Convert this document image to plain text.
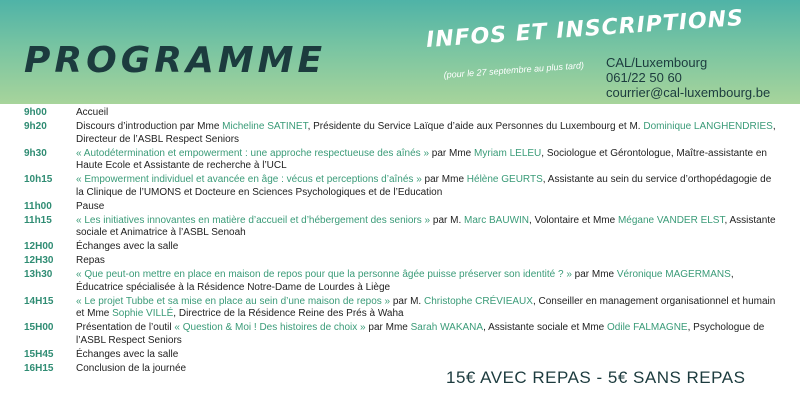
PROGRAMME
INFOS ET INSCRIPTIONS
(pour le 27 septembre au plus tard) CAL/Luxembourg
061/22 50 60
courrier@cal-luxembourg.be
9h00	Accueil
9h20	Discours d’introduction par Mme Micheline SATINET, Présidente du Service Laïque d’aide aux Personnes du Luxembourg et M. Dominique LANGHENDRIES, Directeur de l’ASBL Respect Seniors
9h30	« Autodétermination et empowerment : une approche respectueuse des aînés » par Mme Myriam LELEU, Sociologue et Gérontologue, Maître-assistante en Haute Ecole et Assistante de recherche à l’UCL
10h15	« Empowerment individuel et avancée en âge : vécus et perceptions d’aînés » par Mme Hélène GEURTS, Assistante au sein du service d’orthopédagogie de la Clinique de l’UMONS et Docteure en Sciences Psychologiques et de l’Education
11h00	Pause
11h15	« Les initiatives innovantes en matière d’accueil et d’hébergement des seniors » par M. Marc BAUWIN, Volontaire et Mme Mégane VANDER ELST, Assistante sociale et Animatrice à l’ASBL Senoah
12H00	Échanges avec la salle
12H30	Repas
13h30	« Que peut-on mettre en place en maison de repos pour que la personne âgée puisse préserver son identité ? » par Mme Véronique MAGERMANS, Éducatrice spécialisée à la Résidence Notre-Dame de Lourdes à Liège
14H15	« Le projet Tubbe et sa mise en place au sein d’une maison de repos » par M. Christophe CRÉVIEAUX, Conseiller en management organisationnel et humain et Mme Sophie VILLÉ, Directrice de la Résidence Reine des Prés à Waha
15H00	Présentation de l’outil « Question & Moi ! Des histoires de choix » par Mme Sarah WAKANA, Assistante sociale et Mme Odile FALMAGNE, Psychologue de l’ASBL Respect Seniors
15H45	Échanges avec la salle
16H15	Conclusion de la journée	15€ AVEC REPAS - 5€ SANS REPAS
